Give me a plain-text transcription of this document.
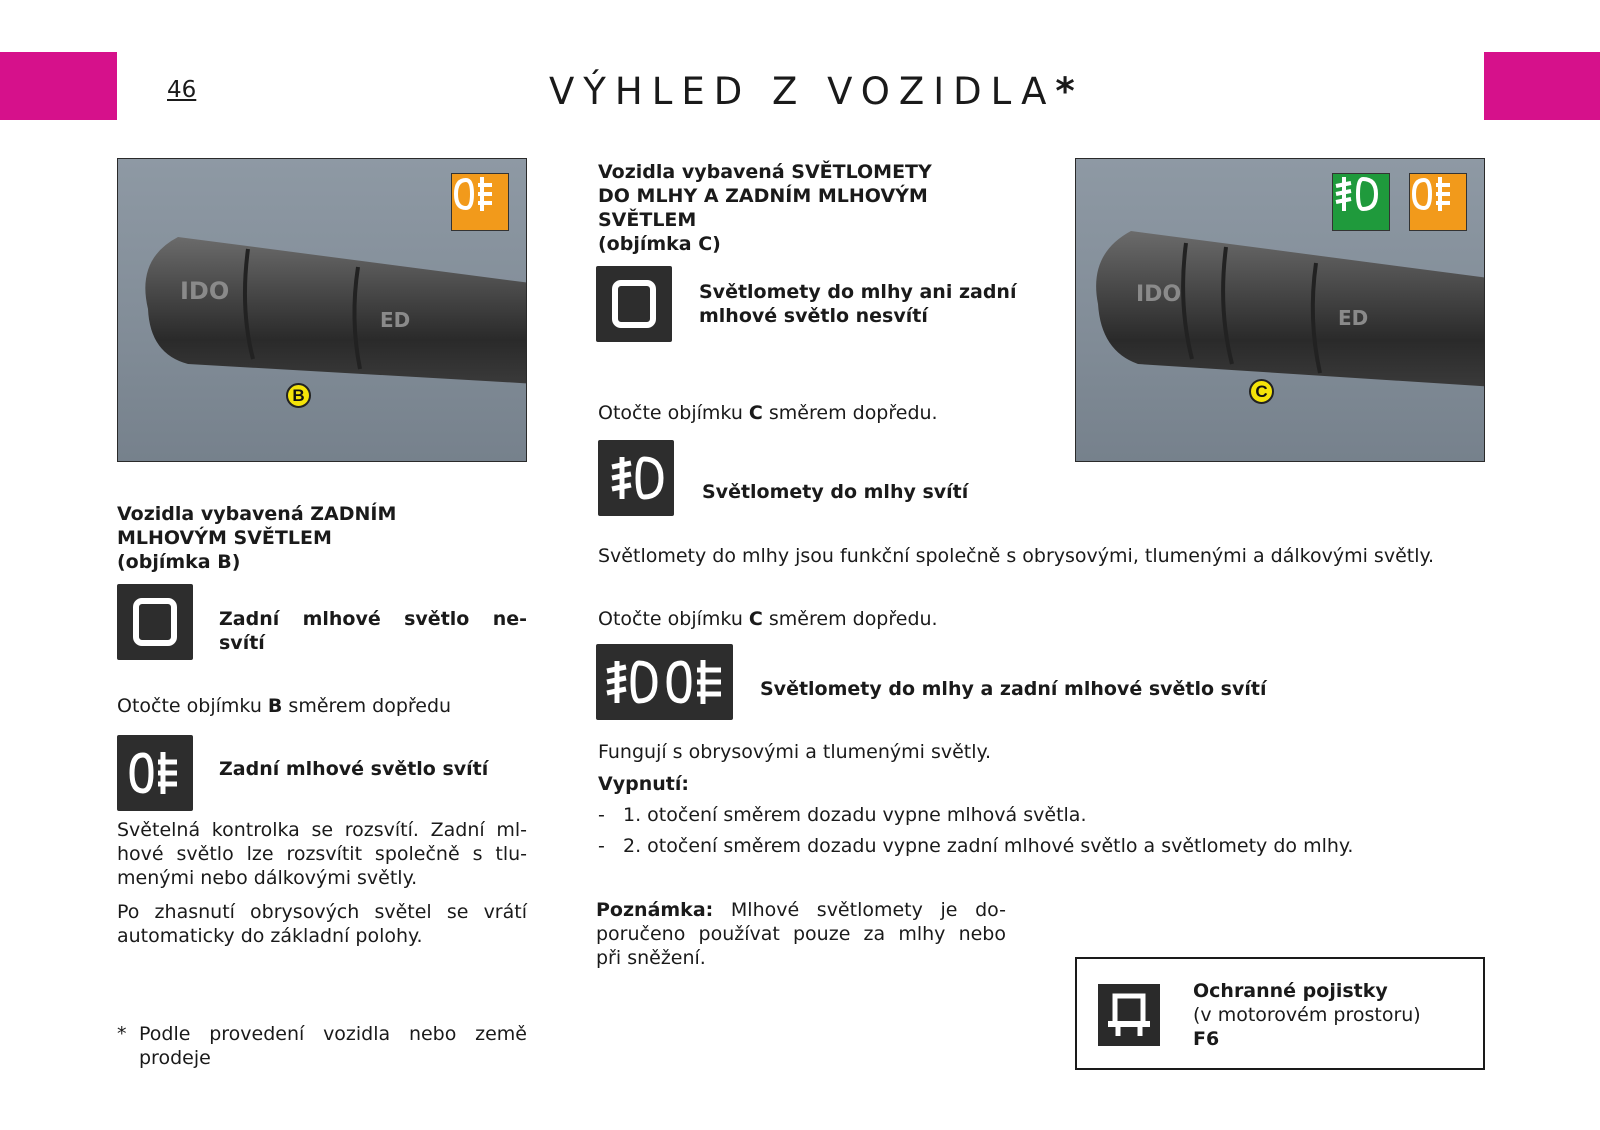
46	VÝHLED Z VOZIDLA*
IDO
ED
B
Vozidla vybavená ZADNÍM
MLHOVÝM SVĚTLEM
(objímka B)
Zadní mlhové světlo ne-
svítí
Otočte objímku B směrem dopředu
Zadní mlhové světlo svítí
Světelná kontrolka se rozsvítí. Zadní ml-
hové světlo lze rozsvítit společně s tlu-
menými nebo dálkovými světly.
Po zhasnutí obrysových světel se vrátí
automaticky do základní polohy.
* Podle provedení vozidla nebo země
prodeje
Vozidla vybavená SVĚTLOMETY
DO MLHY A ZADNÍM MLHOVÝM
SVĚTLEM
(objímka C)
Světlomety do mlhy ani zadní
mlhové světlo nesvítí
Otočte objímku C směrem dopředu.
Světlomety do mlhy svítí
Světlomety do mlhy jsou funkční společně s obrysovými, tlumenými a dálkovými světly.
Otočte objímku C směrem dopředu.
Světlomety do mlhy a zadní mlhové světlo svítí
Fungují s obrysovými a tlumenými světly.
Vypnutí:
- 1. otočení směrem dozadu vypne mlhová světla.
- 2. otočení směrem dozadu vypne zadní mlhové světlo a světlomety do mlhy.
Poznámka: Mlhové světlomety je do-
poručeno používat pouze za mlhy nebo
při sněžení.
IDO
ED
C
Ochranné pojistky
(v motorovém prostoru)
F6
